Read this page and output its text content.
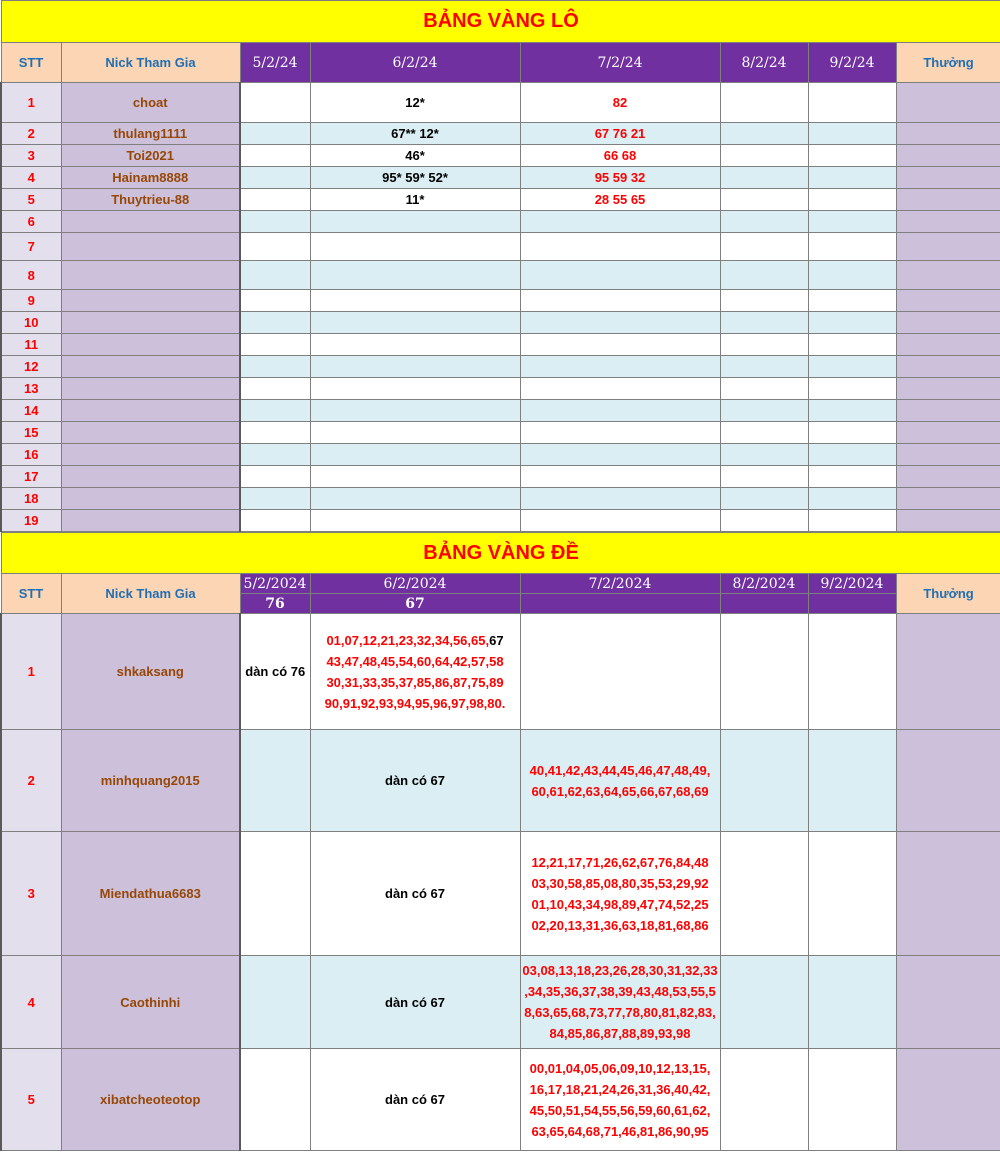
BẢNG VÀNG LÔ							
STT	Nick Tham Gia	5/2/24	6/2/24	7/2/24	8/2/24	9/2/24	Thưởng
1	choat		12*	82			
2	thulang1111		67** 12*	67 76 21			
3	Toi2021		46*	66 68			
4	Hainam8888		95* 59* 52*	95 59 32			
5	Thuytrieu-88		11*	28 55 65			
6							
7							
8							
9							
10							
11							
12							
13							
14							
15							
16							
17							
18							
19							
BẢNG VÀNG ĐỀ							
STT	Nick Tham Gia	5/2/2024	6/2/2024	7/2/2024	8/2/2024	9/2/2024	Thưởng
		76	67				
1	shkaksang	dàn có 76	01,07,12,21,23,32,34,56,65,67
43,47,48,45,54,60,64,42,57,58
30,31,33,35,37,85,86,87,75,89
90,91,92,93,94,95,96,97,98,80.				

2	minhquang2015		dàn có 67	40,41,42,43,44,45,46,47,48,49,
60,61,62,63,64,65,66,67,68,69			
3	Miendathua6683		dàn có 67	12,21,17,71,26,62,67,76,84,48
03,30,58,85,08,80,35,53,29,92
01,10,43,34,98,89,47,74,52,25
02,20,13,31,36,63,18,81,68,86			
4	Caothinhi		dàn có 67	03,08,13,18,23,26,28,30,31,32,33
,34,35,36,37,38,39,43,48,53,55,5
8,63,65,68,73,77,78,80,81,82,83,
84,85,86,87,88,89,93,98			
5	xibatcheoteotop		dàn có 67	00,01,04,05,06,09,10,12,13,15,
16,17,18,21,24,26,31,36,40,42,
45,50,51,54,55,56,59,60,61,62,
63,65,64,68,71,46,81,86,90,95			
